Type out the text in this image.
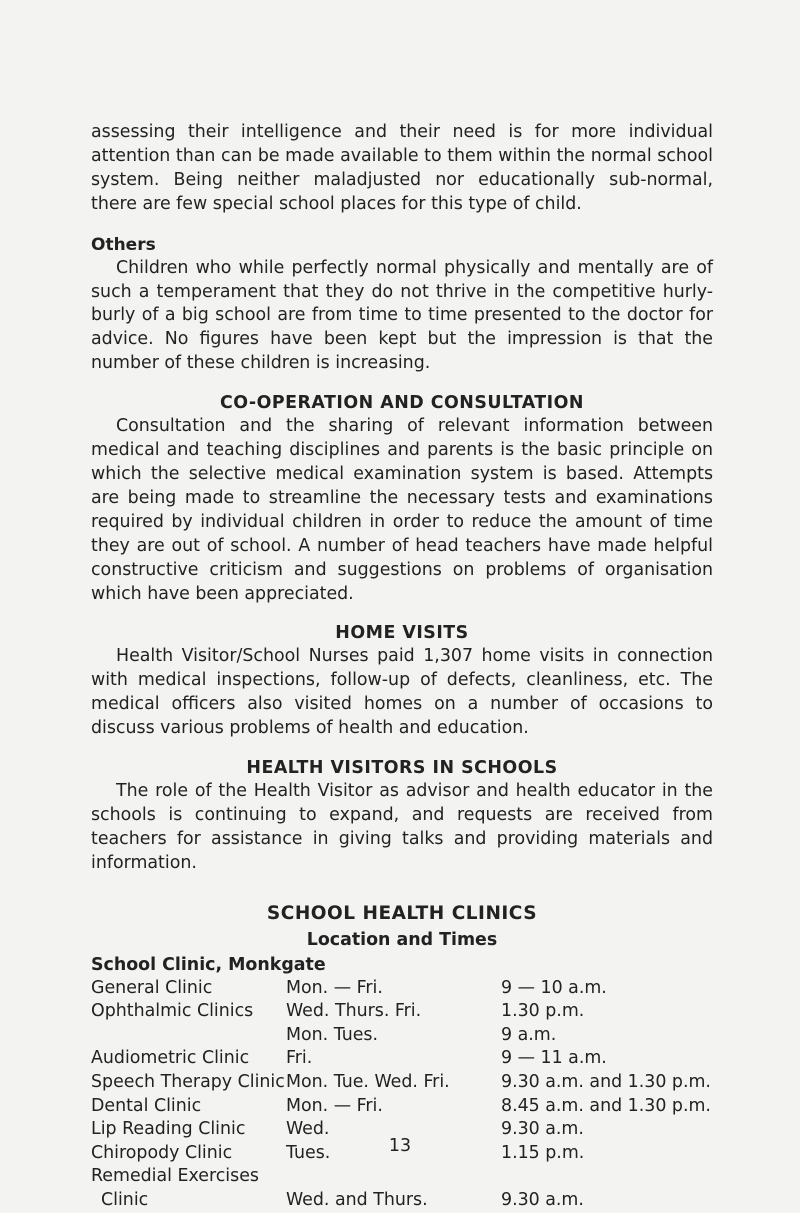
assessing their intelligence and their need is for more individual attention than can be made available to them within the normal school system. Being neither maladjusted nor educationally sub-normal, there are few special school places for this type of child.

Others

Children who while perfectly normal physically and mentally are of such a temperament that they do not thrive in the competitive hurly-burly of a big school are from time to time presented to the doctor for advice. No figures have been kept but the impression is that the number of these children is increasing.

CO-OPERATION AND CONSULTATION

Consultation and the sharing of relevant information between medical and teaching disciplines and parents is the basic principle on which the selective medical examination system is based. Attempts are being made to streamline the necessary tests and examinations required by individual children in order to reduce the amount of time they are out of school. A number of head teachers have made helpful constructive criticism and suggestions on problems of organisation which have been appreciated.

HOME VISITS

Health Visitor/School Nurses paid 1,307 home visits in connection with medical inspections, follow-up of defects, cleanliness, etc. The medical officers also visited homes on a number of occasions to discuss various problems of health and education.

HEALTH VISITORS IN SCHOOLS

The role of the Health Visitor as advisor and health educator in the schools is continuing to expand, and requests are received from teachers for assistance in giving talks and providing materials and information.

SCHOOL HEALTH CLINICS
Location and Times
School Clinic, Monkgate
General Clinic	Mon. — Fri.	9 — 10 a.m.
Ophthalmic Clinics	Wed. Thurs. Fri.	1.30 p.m.
	Mon. Tues.	9 a.m.
Audiometric Clinic	Fri.	9 — 11 a.m.
Speech Therapy Clinic	Mon. Tue. Wed. Fri.	9.30 a.m. and 1.30 p.m.
Dental Clinic	Mon. — Fri.	8.45 a.m. and 1.30 p.m.
Lip Reading Clinic	Wed.	9.30 a.m.
Chiropody Clinic	Tues.	1.15 p.m.
Remedial Exercises		
Clinic	Wed. and Thurs.	9.30 a.m.
13
